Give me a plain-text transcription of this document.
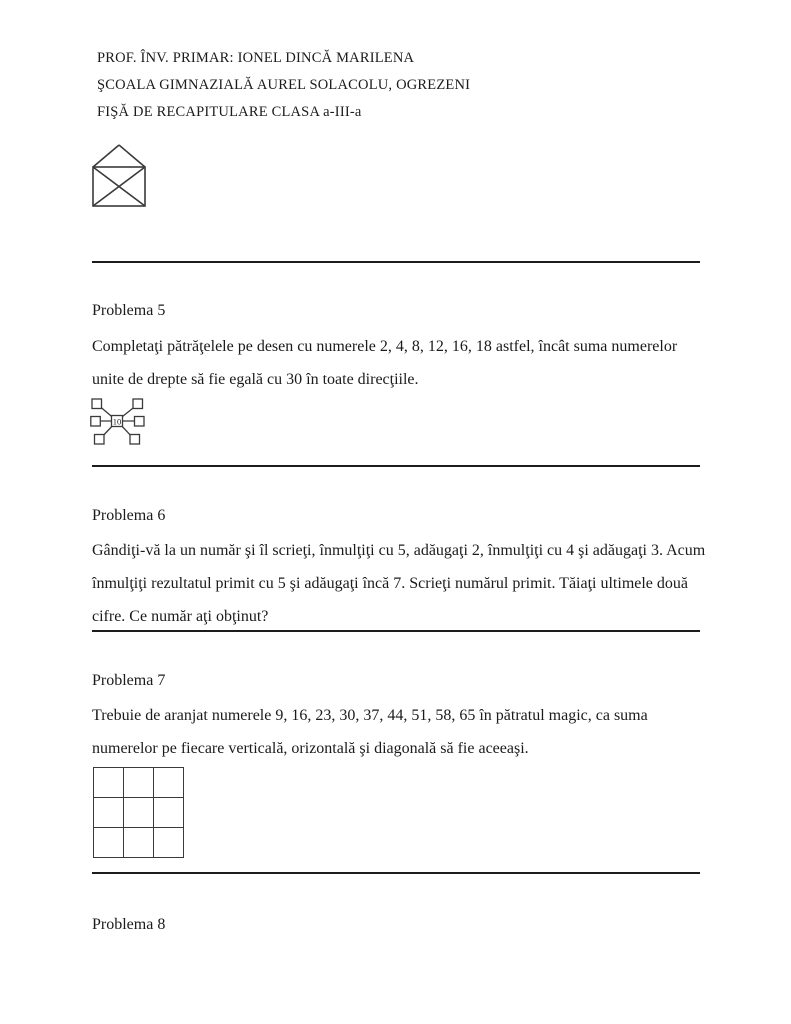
PROF. ÎNV. PRIMAR: IONEL DINCĂ MARILENA
ŞCOALA GIMNAZIALĂ AUREL SOLACOLU, OGREZENI
FIŞĂ DE RECAPITULARE CLASA a-III-a
Problema 5
Completaţi pătrăţelele pe desen cu numerele 2, 4, 8, 12, 16, 18 astfel, încât suma numerelor unite de drepte să fie egală cu 30 în toate direcţiile.
10
Problema 6
Gândiţi-vă la un număr şi îl scrieţi, înmulţiţi cu 5, adăugaţi 2, înmulţiţi cu 4 şi adăugaţi 3. Acum înmulţiţi rezultatul primit cu 5 şi adăugaţi încă 7. Scrieţi numărul primit. Tăiaţi ultimele două cifre. Ce număr aţi obţinut?
Problema 7
Trebuie de aranjat numerele 9, 16, 23, 30, 37, 44, 51, 58, 65 în pătratul magic, ca suma numerelor pe fiecare verticală, orizontală şi diagonală să fie aceeaşi.

Problema 8
